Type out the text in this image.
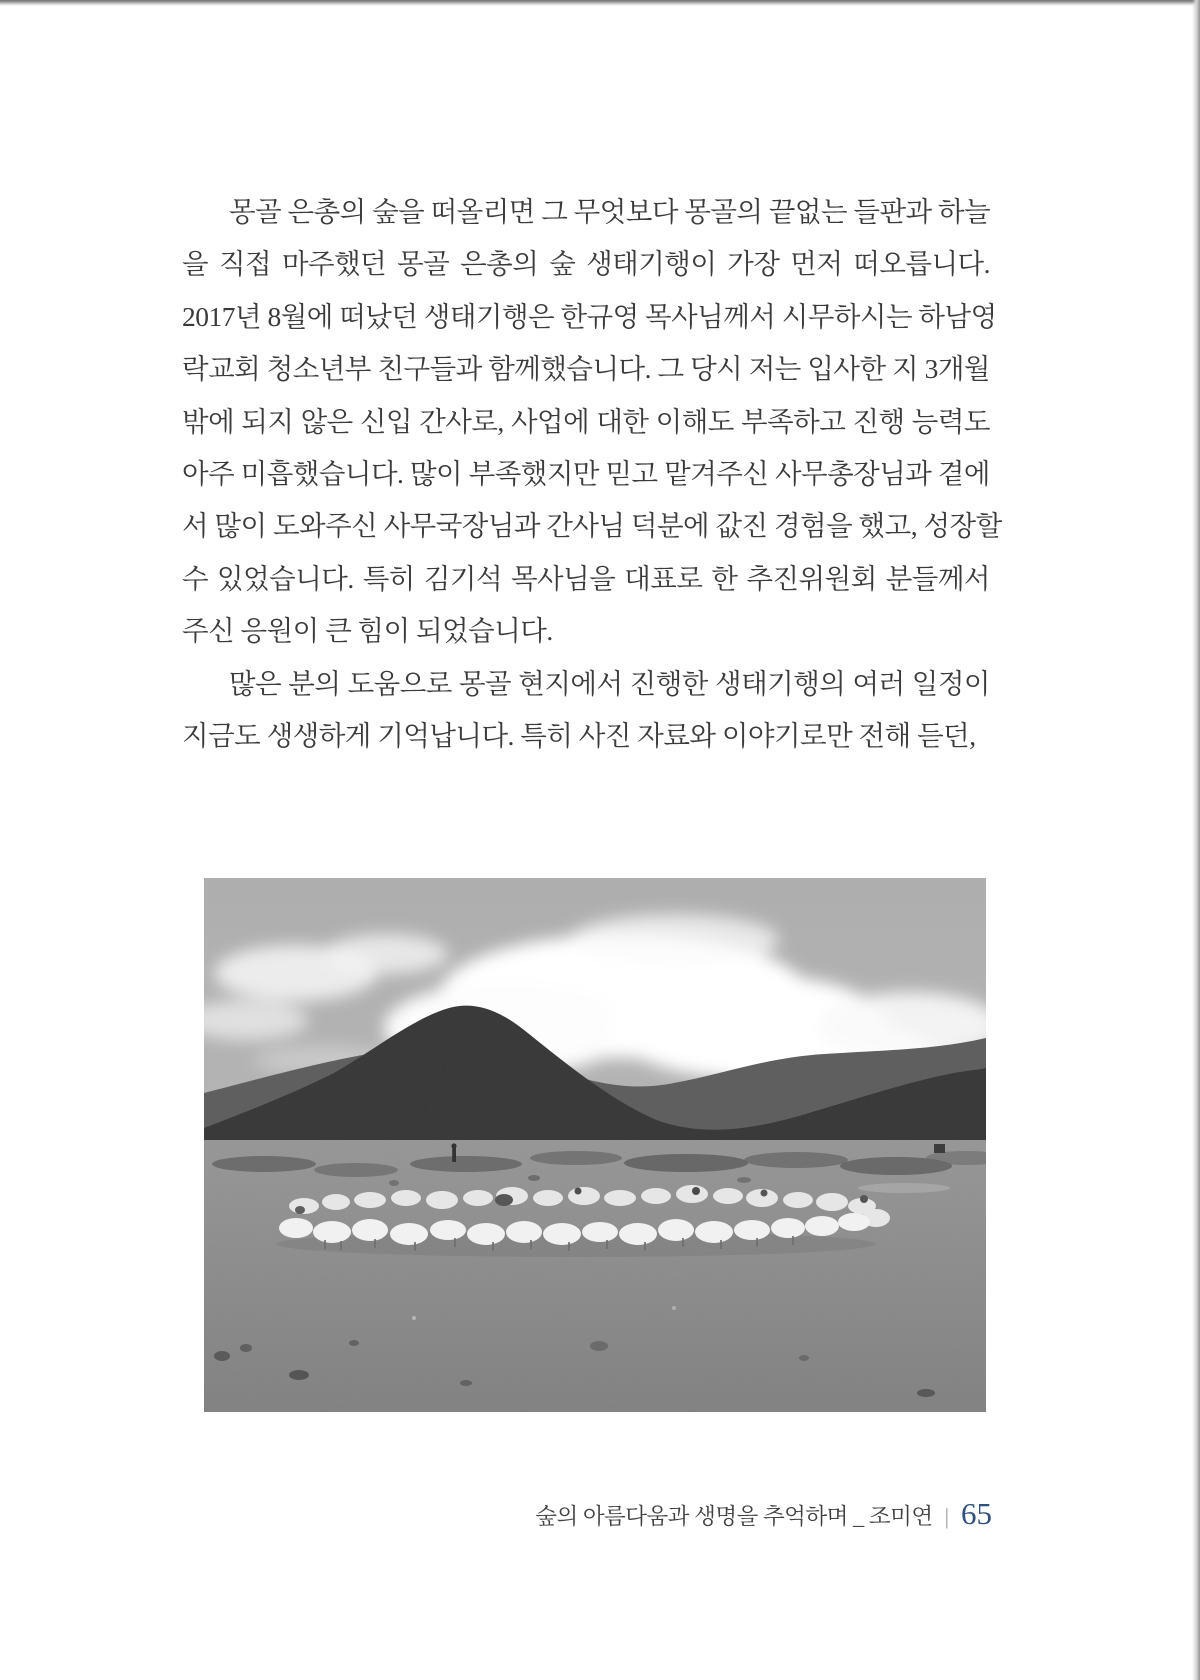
몽골 은총의 숲을 떠올리면 그 무엇보다 몽골의 끝없는 들판과 하늘
을 직접 마주했던 몽골 은총의 숲 생태기행이 가장 먼저 떠오릅니다.
2017년 8월에 떠났던 생태기행은 한규영 목사님께서 시무하시는 하남영
락교회 청소년부 친구들과 함께했습니다. 그 당시 저는 입사한 지 3개월
밖에 되지 않은 신입 간사로, 사업에 대한 이해도 부족하고 진행 능력도
아주 미흡했습니다. 많이 부족했지만 믿고 맡겨주신 사무총장님과 곁에
서 많이 도와주신 사무국장님과 간사님 덕분에 값진 경험을 했고, 성장할
수 있었습니다. 특히 김기석 목사님을 대표로 한 추진위원회 분들께서
주신 응원이 큰 힘이 되었습니다.
많은 분의 도움으로 몽골 현지에서 진행한 생태기행의 여러 일정이
지금도 생생하게 기억납니다. 특히 사진 자료와 이야기로만 전해 듣던,
숲의 아름다움과 생명을 추억하며 _ 조미연 | 65
